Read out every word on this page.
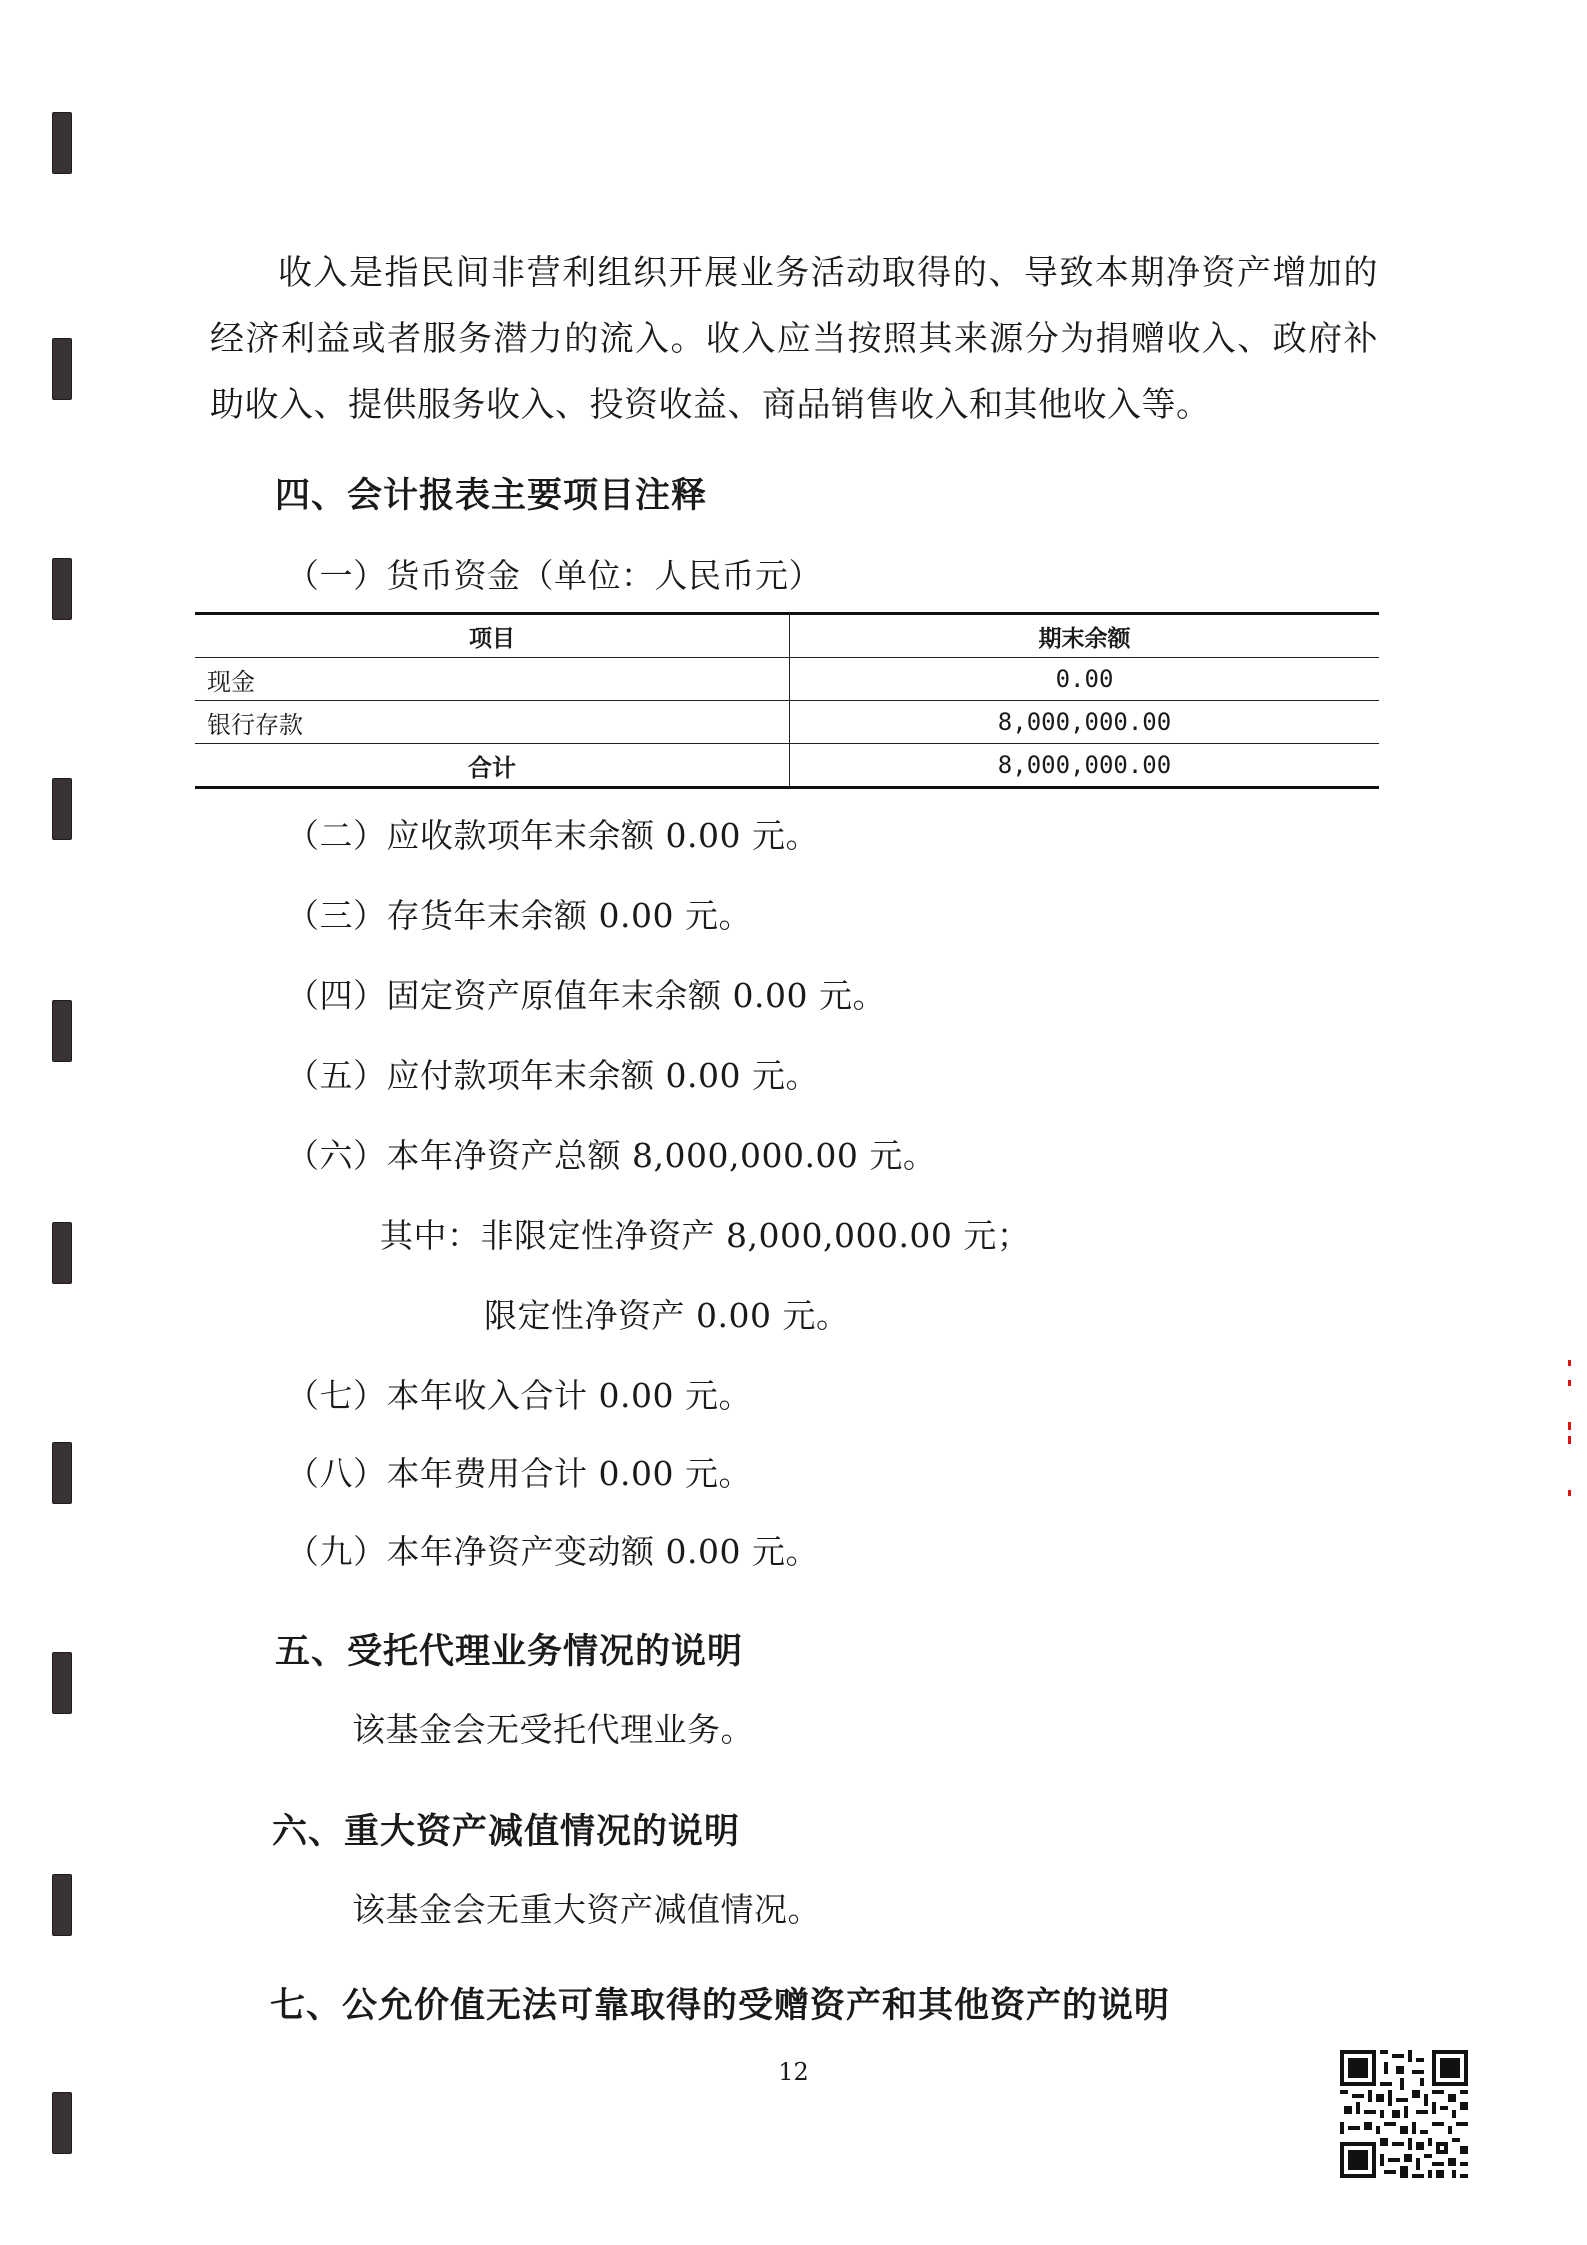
收入是指民间非营利组织开展业务活动取得的、导致本期净资产增加的经济利益或者服务潜力的流入。收入应当按照其来源分为捐赠收入、政府补助收入、提供服务收入、投资收益、商品销售收入和其他收入等。

四、会计报表主要项目注释
（一）货币资金（单位：人民币元）
项目	期末余额
现金	0.00
银行存款	8,000,000.00
合计	8,000,000.00
（二）应收款项年末余额 0.00 元。
（三）存货年末余额 0.00 元。
（四）固定资产原值年末余额 0.00 元。
（五）应付款项年末余额 0.00 元。
（六）本年净资产总额 8,000,000.00 元。
其中：非限定性净资产 8,000,000.00 元；
限定性净资产 0.00 元。
（七）本年收入合计 0.00 元。
（八）本年费用合计 0.00 元。
（九）本年净资产变动额 0.00 元。
五、受托代理业务情况的说明
该基金会无受托代理业务。
六、重大资产减值情况的说明
该基金会无重大资产减值情况。
七、公允价值无法可靠取得的受赠资产和其他资产的说明
12
